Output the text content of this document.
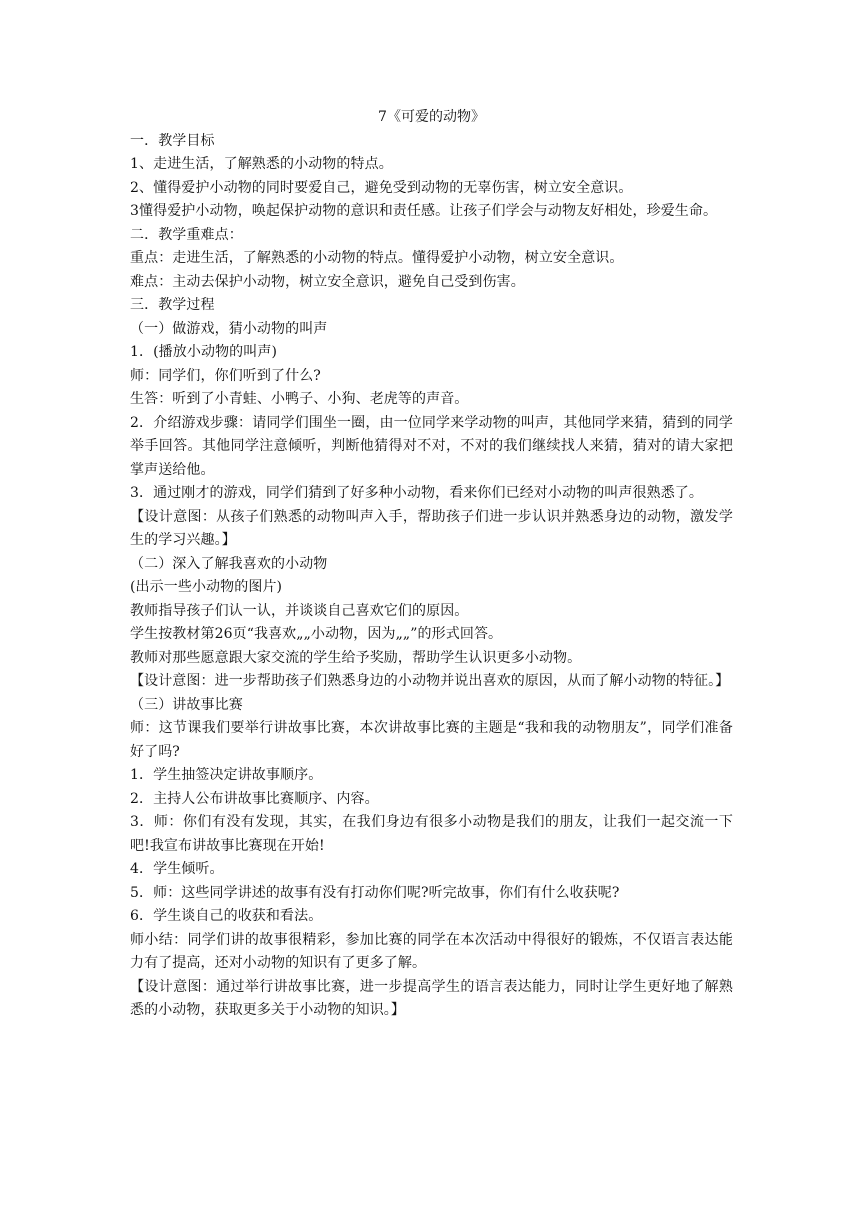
7《可爱的动物》

一．教学目标

1、走进生活，了解熟悉的小动物的特点。

2、懂得爱护小动物的同时要爱自己，避免受到动物的无辜伤害，树立安全意识。

3懂得爱护小动物，唤起保护动物的意识和责任感。让孩子们学会与动物友好相处，珍爱生命。

二．教学重难点：

重点：走进生活，了解熟悉的小动物的特点。懂得爱护小动物，树立安全意识。

难点：主动去保护小动物，树立安全意识，避免自己受到伤害。

三．教学过程

（一）做游戏，猜小动物的叫声

1．(播放小动物的叫声)

师：同学们，你们听到了什么?

生答：听到了小青蛙、小鸭子、小狗、老虎等的声音。

2．介绍游戏步骤：请同学们围坐一圈，由一位同学来学动物的叫声，其他同学来猜，猜到的同学举手回答。其他同学注意倾听，判断他猜得对不对，不对的我们继续找人来猜，猜对的请大家把掌声送给他。

3．通过刚才的游戏，同学们猜到了好多种小动物，看来你们已经对小动物的叫声很熟悉了。

【设计意图：从孩子们熟悉的动物叫声入手，帮助孩子们进一步认识并熟悉身边的动物，激发学生的学习兴趣。】

（二）深入了解我喜欢的小动物

(出示一些小动物的图片)

教师指导孩子们认一认，并谈谈自己喜欢它们的原因。

学生按教材第26页“我喜欢„„小动物，因为„„”的形式回答。

教师对那些愿意跟大家交流的学生给予奖励，帮助学生认识更多小动物。

【设计意图：进一步帮助孩子们熟悉身边的小动物并说出喜欢的原因，从而了解小动物的特征。】

（三）讲故事比赛

师：这节课我们要举行讲故事比赛，本次讲故事比赛的主题是“我和我的动物朋友”，同学们准备好了吗?

1．学生抽签决定讲故事顺序。

2．主持人公布讲故事比赛顺序、内容。

3．师：你们有没有发现，其实，在我们身边有很多小动物是我们的朋友，让我们一起交流一下吧!我宣布讲故事比赛现在开始!

4．学生倾听。

5．师：这些同学讲述的故事有没有打动你们呢?听完故事，你们有什么收获呢?

6．学生谈自己的收获和看法。

师小结：同学们讲的故事很精彩，参加比赛的同学在本次活动中得很好的锻炼，不仅语言表达能力有了提高，还对小动物的知识有了更多了解。

【设计意图：通过举行讲故事比赛，进一步提高学生的语言表达能力，同时让学生更好地了解熟悉的小动物，获取更多关于小动物的知识。】
